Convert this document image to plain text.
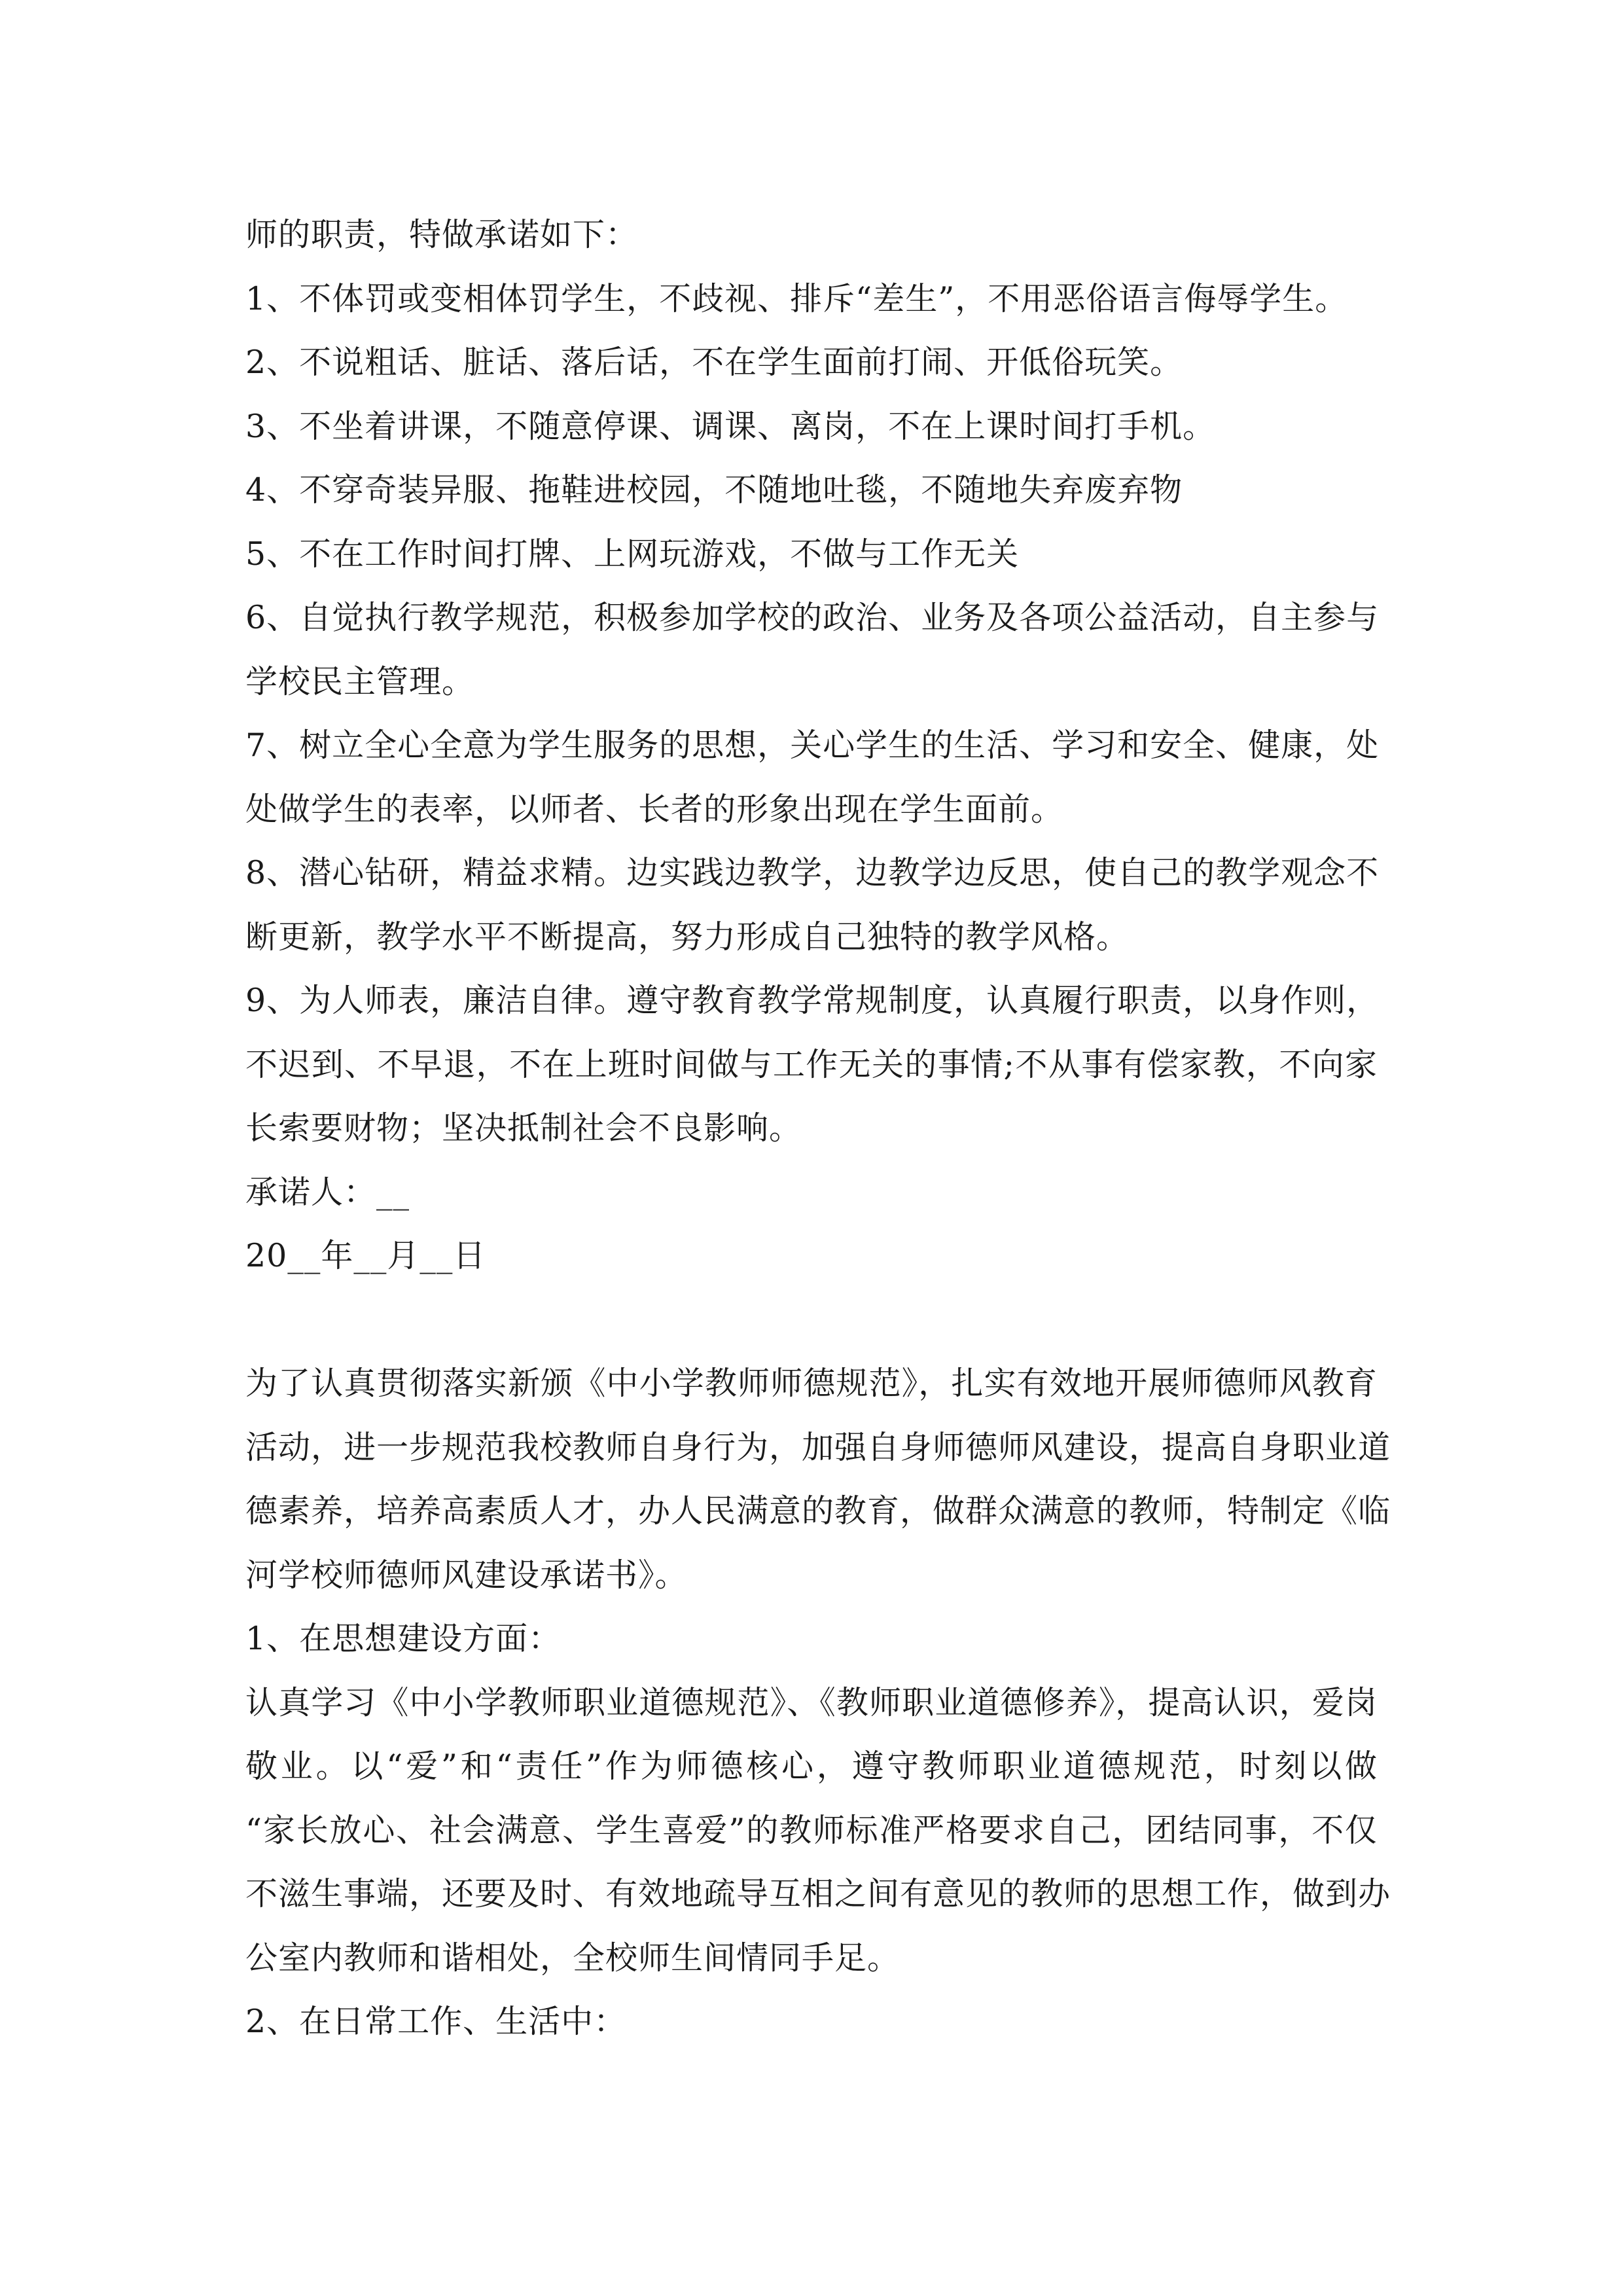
师的职责，特做承诺如下：
1、不体罚或变相体罚学生，不歧视、排斥“差生”，不用恶俗语言侮辱学生。
2、不说粗话、脏话、落后话，不在学生面前打闹、开低俗玩笑。
3、不坐着讲课，不随意停课、调课、离岗，不在上课时间打手机。
4、不穿奇装异服、拖鞋进校园，不随地吐毯，不随地失弃废弃物
5、不在工作时间打牌、上网玩游戏，不做与工作无关
6、自觉执行教学规范，积极参加学校的政治、业务及各项公益活动，自主参与
学校民主管理。
7、树立全心全意为学生服务的思想，关心学生的生活、学习和安全、健康，处
处做学生的表率，以师者、长者的形象出现在学生面前。
8、潜心钻研，精益求精。边实践边教学，边教学边反思，使自己的教学观念不
断更新，教学水平不断提高，努力形成自己独特的教学风格。
9、为人师表，廉洁自律。遵守教育教学常规制度，认真履行职责，以身作则，
不迟到、不早退，不在上班时间做与工作无关的事情;不从事有偿家教，不向家
长索要财物；坚决抵制社会不良影响。
承诺人：__
20__年__月__日
为了认真贯彻落实新颁《中小学教师师德规范》，扎实有效地开展师德师风教育
活动，进一步规范我校教师自身行为，加强自身师德师风建设，提高自身职业道
德素养，培养高素质人才，办人民满意的教育，做群众满意的教师，特制定《临
河学校师德师风建设承诺书》。
1、在思想建设方面：
认真学习《中小学教师职业道德规范》、《教师职业道德修养》，提高认识，爱岗
敬业。以“爱”和“责任”作为师德核心，遵守教师职业道德规范，时刻以做
“家长放心、社会满意、学生喜爱”的教师标准严格要求自己，团结同事，不仅
不滋生事端，还要及时、有效地疏导互相之间有意见的教师的思想工作，做到办
公室内教师和谐相处，全校师生间情同手足。
2、在日常工作、生活中：
